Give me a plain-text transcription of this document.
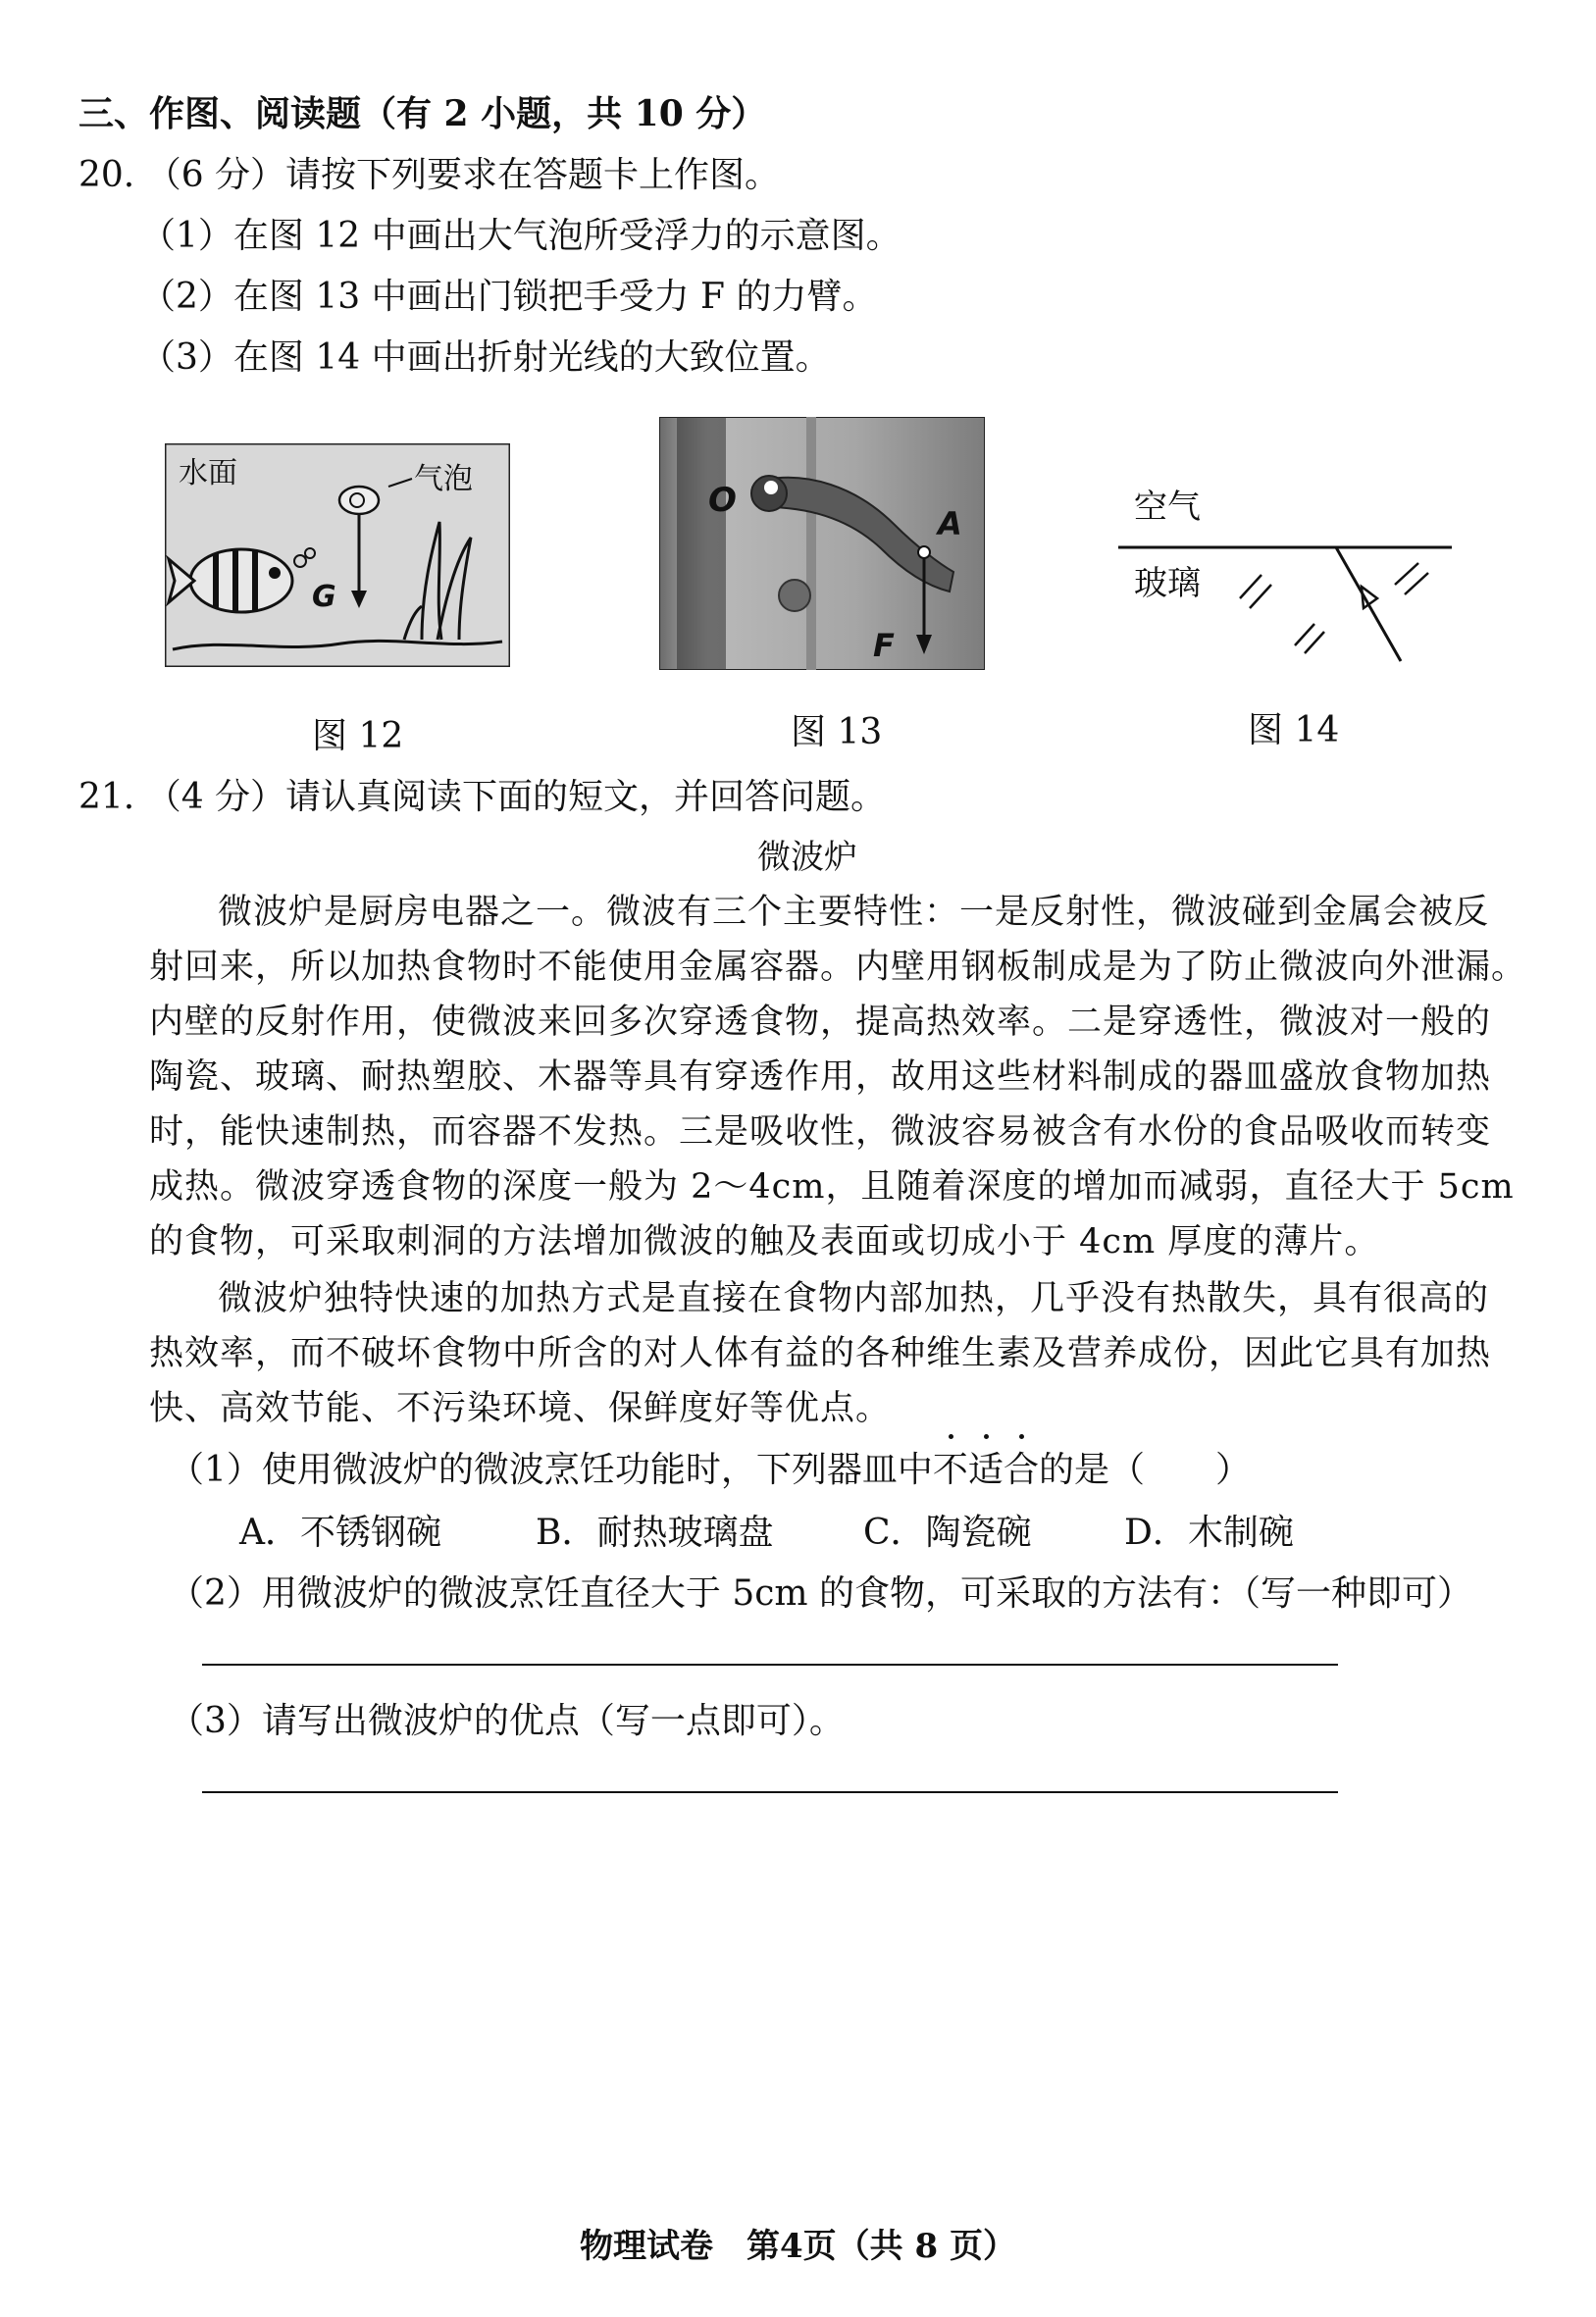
三、作图、阅读题（有 2 小题，共 10 分）
20. （6 分）请按下列要求在答题卡上作图。
（1）在图 12 中画出大气泡所受浮力的示意图。
（2）在图 13 中画出门锁把手受力 F 的力臂。
（3）在图 14 中画出折射光线的大致位置。
水面	气泡
G
O
A
F
空气
玻璃
图 12	图 13	图 14
21. （4 分）请认真阅读下面的短文，并回答问题。
微波炉
微波炉是厨房电器之一。微波有三个主要特性：一是反射性，微波碰到金属会被反
射回来，所以加热食物时不能使用金属容器。内壁用钢板制成是为了防止微波向外泄漏。
内壁的反射作用，使微波来回多次穿透食物，提高热效率。二是穿透性，微波对一般的
陶瓷、玻璃、耐热塑胶、木器等具有穿透作用，故用这些材料制成的器皿盛放食物加热
时，能快速制热，而容器不发热。三是吸收性，微波容易被含有水份的食品吸收而转变
成热。微波穿透食物的深度一般为 2～4cm，且随着深度的增加而减弱，直径大于 5cm
的食物，可采取刺洞的方法增加微波的触及表面或切成小于 4cm 厚度的薄片。
微波炉独特快速的加热方式是直接在食物内部加热，几乎没有热散失，具有很高的
热效率，而不破坏食物中所含的对人体有益的各种维生素及营养成份，因此它具有加热
快、高效节能、不污染环境、保鲜度好等优点。
（1）使用微波炉的微波烹饪功能时，下列器皿中不适合的是（　　）
A．不锈钢碗	B．耐热玻璃盘	C．陶瓷碗	D．木制碗
（2）用微波炉的微波烹饪直径大于 5cm 的食物，可采取的方法有：（写一种即可）
（3）请写出微波炉的优点（写一点即可）。
物理试卷　第4页（共 8 页）
